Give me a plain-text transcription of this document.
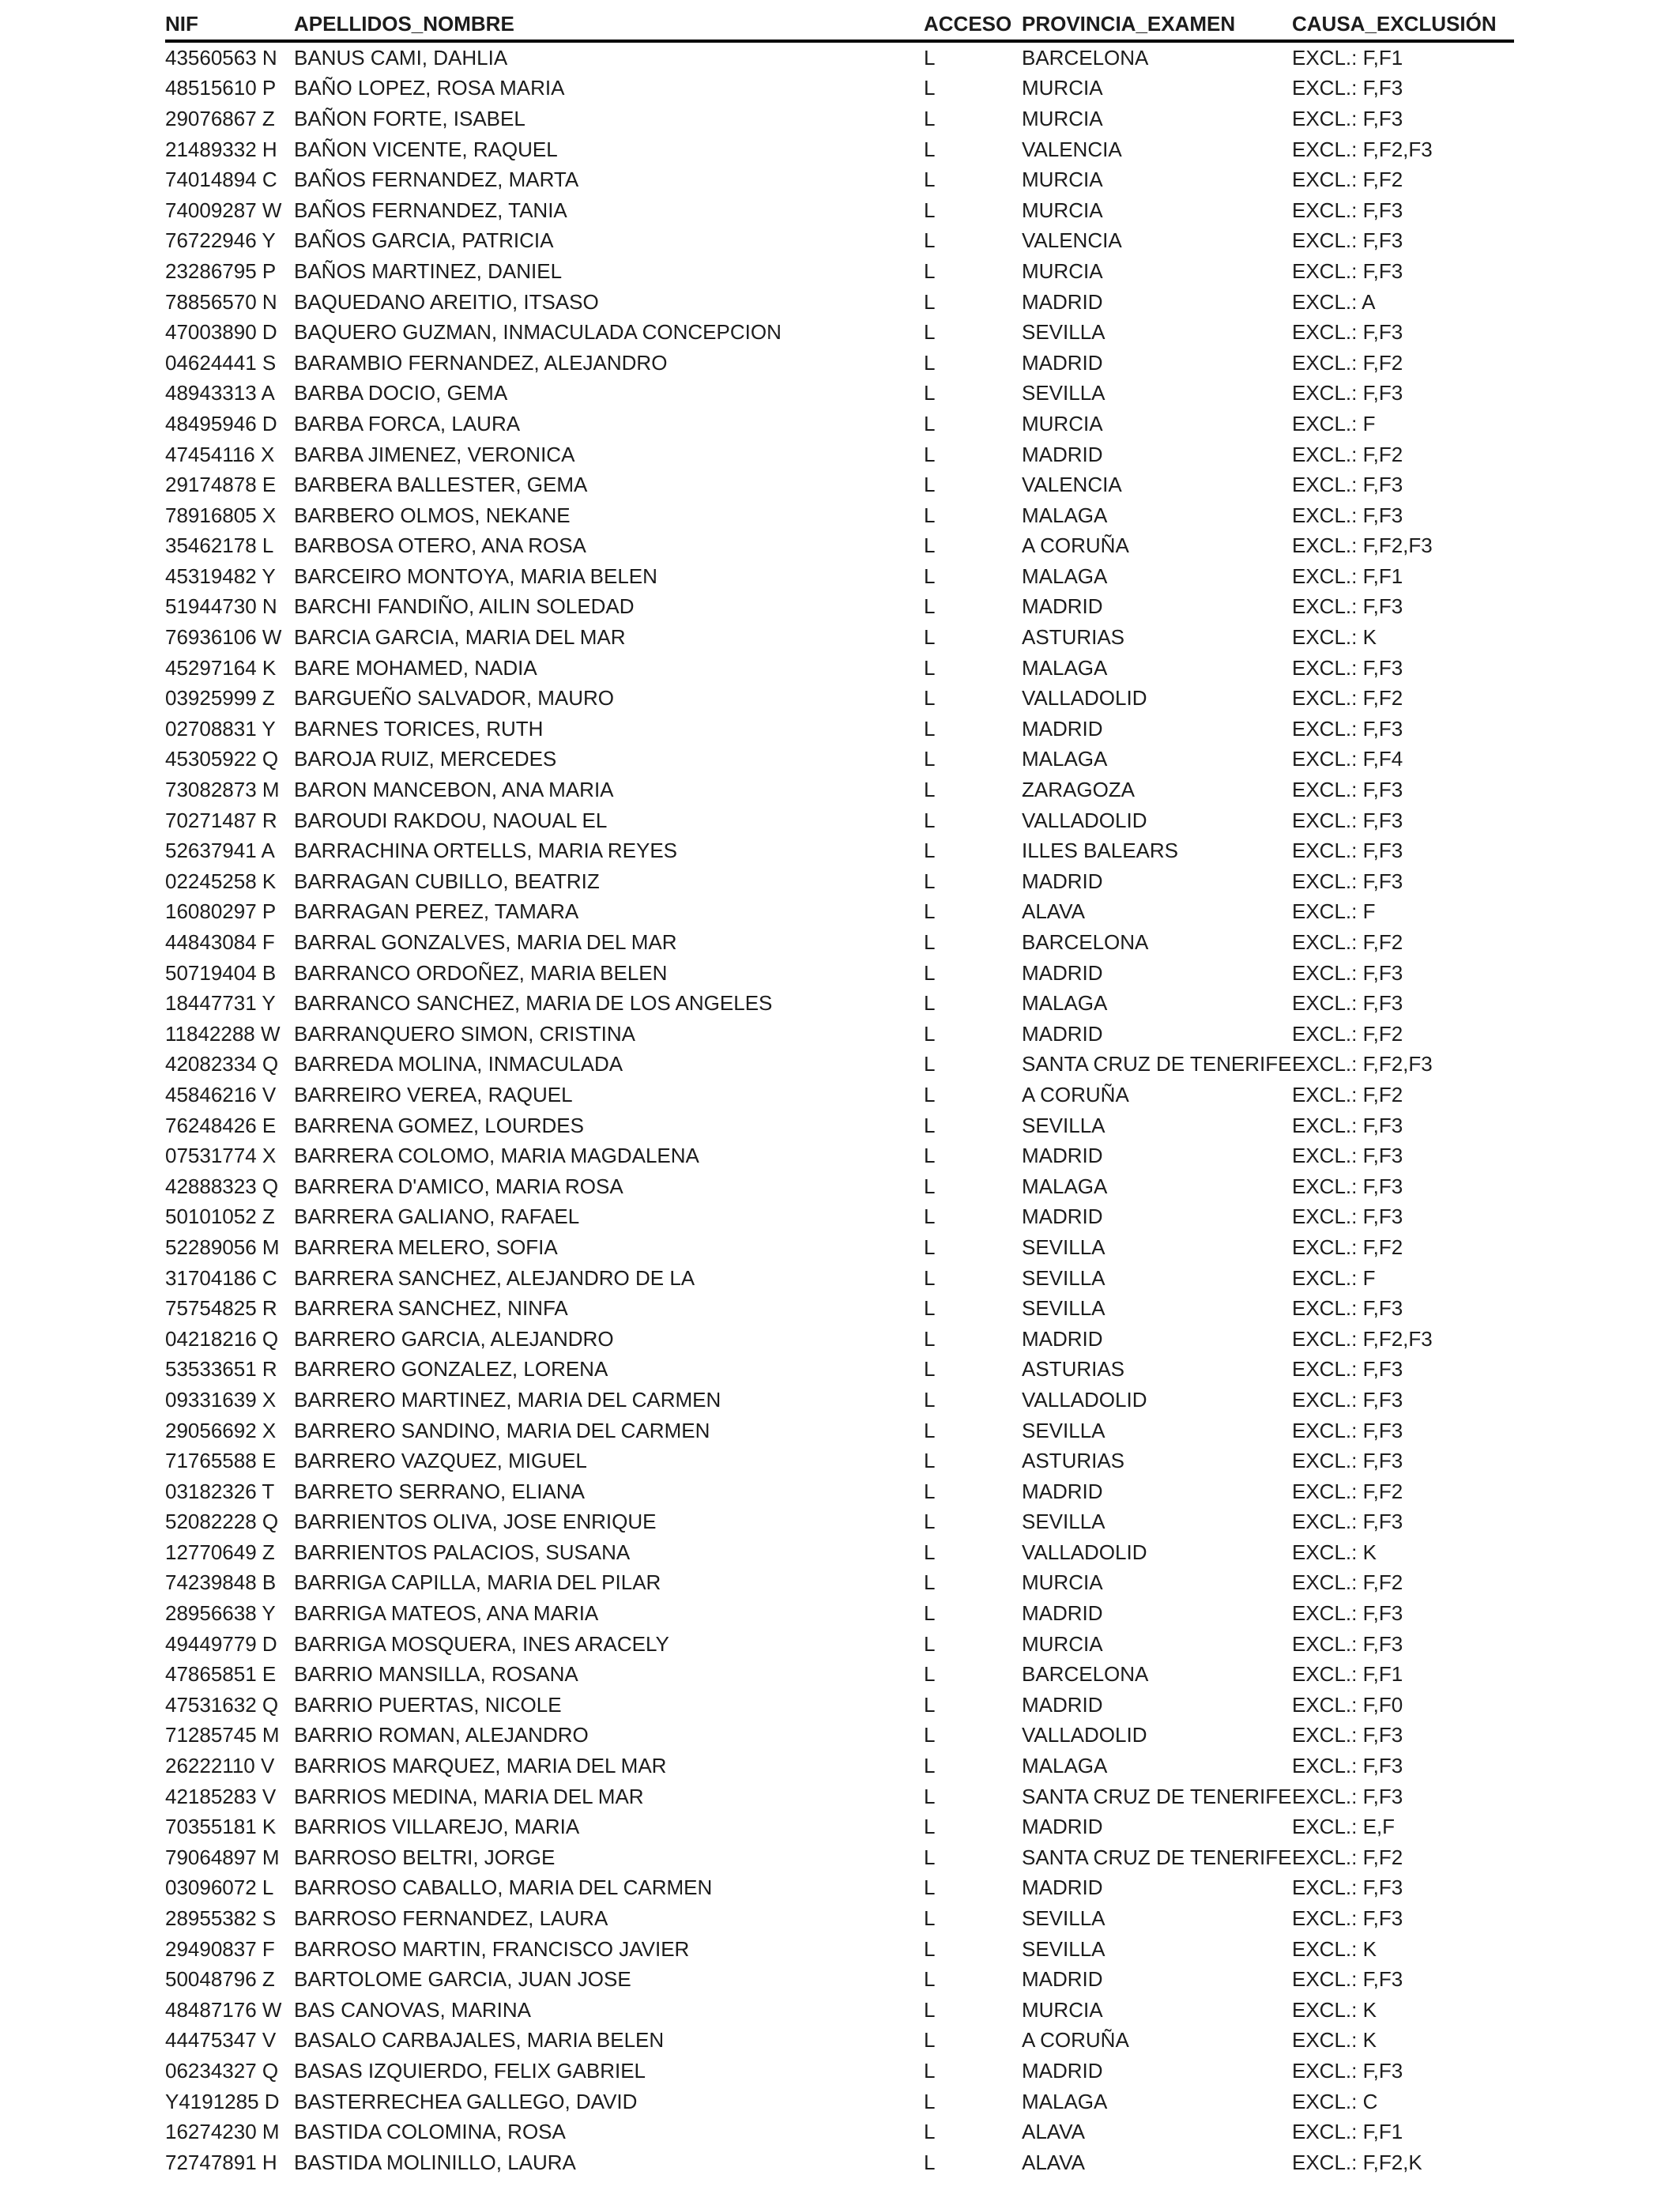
NIF	APELLIDOS_NOMBRE	ACCESO PROVINCIA_EXAMEN	CAUSA_EXCLUSIÓN
43560563 N BANUS CAMI, DAHLIA	L	BARCELONA	EXCL.: F,F1
48515610 P BAÑO LOPEZ, ROSA MARIA	L	MURCIA	EXCL.: F,F3
29076867 Z BAÑON FORTE, ISABEL	L	MURCIA	EXCL.: F,F3
21489332 H BAÑON VICENTE, RAQUEL	L	VALENCIA	EXCL.: F,F2,F3
74014894 C BAÑOS FERNANDEZ, MARTA	L	MURCIA	EXCL.: F,F2
74009287 W BAÑOS FERNANDEZ, TANIA	L	MURCIA	EXCL.: F,F3
76722946 Y BAÑOS GARCIA, PATRICIA	L	VALENCIA	EXCL.: F,F3
23286795 P BAÑOS MARTINEZ, DANIEL	L	MURCIA	EXCL.: F,F3
78856570 N BAQUEDANO AREITIO, ITSASO	L	MADRID	EXCL.: A
47003890 D BAQUERO GUZMAN, INMACULADA CONCEPCION	L	SEVILLA	EXCL.: F,F3
04624441 S BARAMBIO FERNANDEZ, ALEJANDRO	L	MADRID	EXCL.: F,F2
48943313 A BARBA DOCIO, GEMA	L	SEVILLA	EXCL.: F,F3
48495946 D BARBA FORCA, LAURA	L	MURCIA	EXCL.: F
47454116 X BARBA JIMENEZ, VERONICA	L	MADRID	EXCL.: F,F2
29174878 E BARBERA BALLESTER, GEMA	L	VALENCIA	EXCL.: F,F3
78916805 X BARBERO OLMOS, NEKANE	L	MALAGA	EXCL.: F,F3
35462178 L BARBOSA OTERO, ANA ROSA	L	A CORUÑA	EXCL.: F,F2,F3
45319482 Y BARCEIRO MONTOYA, MARIA BELEN	L	MALAGA	EXCL.: F,F1
51944730 N BARCHI FANDIÑO, AILIN SOLEDAD	L	MADRID	EXCL.: F,F3
76936106 W BARCIA GARCIA, MARIA DEL MAR	L	ASTURIAS	EXCL.: K
45297164 K BARE MOHAMED, NADIA	L	MALAGA	EXCL.: F,F3
03925999 Z BARGUEÑO SALVADOR, MAURO	L	VALLADOLID	EXCL.: F,F2
02708831 Y BARNES TORICES, RUTH	L	MADRID	EXCL.: F,F3
45305922 Q BAROJA RUIZ, MERCEDES	L	MALAGA	EXCL.: F,F4
73082873 M BARON MANCEBON, ANA MARIA	L	ZARAGOZA	EXCL.: F,F3
70271487 R BAROUDI RAKDOU, NAOUAL EL	L	VALLADOLID	EXCL.: F,F3
52637941 A BARRACHINA ORTELLS, MARIA REYES	L	ILLES BALEARS	EXCL.: F,F3
02245258 K BARRAGAN CUBILLO, BEATRIZ	L	MADRID	EXCL.: F,F3
16080297 P BARRAGAN PEREZ, TAMARA	L	ALAVA	EXCL.: F
44843084 F BARRAL GONZALVES, MARIA DEL MAR	L	BARCELONA	EXCL.: F,F2
50719404 B BARRANCO ORDOÑEZ, MARIA BELEN	L	MADRID	EXCL.: F,F3
18447731 Y BARRANCO SANCHEZ, MARIA DE LOS ANGELES	L	MALAGA	EXCL.: F,F3
11842288 W BARRANQUERO SIMON, CRISTINA	L	MADRID	EXCL.: F,F2
42082334 Q BARREDA MOLINA, INMACULADA	L	SANTA CRUZ DE TENERIFE EXCL.: F,F2,F3
45846216 V BARREIRO VEREA, RAQUEL	L	A CORUÑA	EXCL.: F,F2
76248426 E BARRENA GOMEZ, LOURDES	L	SEVILLA	EXCL.: F,F3
07531774 X BARRERA COLOMO, MARIA MAGDALENA	L	MADRID	EXCL.: F,F3
42888323 Q BARRERA D'AMICO, MARIA ROSA	L	MALAGA	EXCL.: F,F3
50101052 Z BARRERA GALIANO, RAFAEL	L	MADRID	EXCL.: F,F3
52289056 M BARRERA MELERO, SOFIA	L	SEVILLA	EXCL.: F,F2
31704186 C BARRERA SANCHEZ, ALEJANDRO DE LA	L	SEVILLA	EXCL.: F
75754825 R BARRERA SANCHEZ, NINFA	L	SEVILLA	EXCL.: F,F3
04218216 Q BARRERO GARCIA, ALEJANDRO	L	MADRID	EXCL.: F,F2,F3
53533651 R BARRERO GONZALEZ, LORENA	L	ASTURIAS	EXCL.: F,F3
09331639 X BARRERO MARTINEZ, MARIA DEL CARMEN	L	VALLADOLID	EXCL.: F,F3
29056692 X BARRERO SANDINO, MARIA DEL CARMEN	L	SEVILLA	EXCL.: F,F3
71765588 E BARRERO VAZQUEZ, MIGUEL	L	ASTURIAS	EXCL.: F,F3
03182326 T BARRETO SERRANO, ELIANA	L	MADRID	EXCL.: F,F2
52082228 Q BARRIENTOS OLIVA, JOSE ENRIQUE	L	SEVILLA	EXCL.: F,F3
12770649 Z BARRIENTOS PALACIOS, SUSANA	L	VALLADOLID	EXCL.: K
74239848 B BARRIGA CAPILLA, MARIA DEL PILAR	L	MURCIA	EXCL.: F,F2
28956638 Y BARRIGA MATEOS, ANA MARIA	L	MADRID	EXCL.: F,F3
49449779 D BARRIGA MOSQUERA, INES ARACELY	L	MURCIA	EXCL.: F,F3
47865851 E BARRIO MANSILLA, ROSANA	L	BARCELONA	EXCL.: F,F1
47531632 Q BARRIO PUERTAS, NICOLE	L	MADRID	EXCL.: F,F0
71285745 M BARRIO ROMAN, ALEJANDRO	L	VALLADOLID	EXCL.: F,F3
26222110 V BARRIOS MARQUEZ, MARIA DEL MAR	L	MALAGA	EXCL.: F,F3
42185283 V BARRIOS MEDINA, MARIA DEL MAR	L	SANTA CRUZ DE TENERIFE EXCL.: F,F3
70355181 K BARRIOS VILLAREJO, MARIA	L	MADRID	EXCL.: E,F
79064897 M BARROSO BELTRI, JORGE	L	SANTA CRUZ DE TENERIFE EXCL.: F,F2
03096072 L BARROSO CABALLO, MARIA DEL CARMEN	L	MADRID	EXCL.: F,F3
28955382 S BARROSO FERNANDEZ, LAURA	L	SEVILLA	EXCL.: F,F3
29490837 F BARROSO MARTIN, FRANCISCO JAVIER	L	SEVILLA	EXCL.: K
50048796 Z BARTOLOME GARCIA, JUAN JOSE	L	MADRID	EXCL.: F,F3
48487176 W BAS CANOVAS, MARINA	L	MURCIA	EXCL.: K
44475347 V BASALO CARBAJALES, MARIA BELEN	L	A CORUÑA	EXCL.: K
06234327 Q BASAS IZQUIERDO, FELIX GABRIEL	L	MADRID	EXCL.: F,F3
Y4191285 D BASTERRECHEA GALLEGO, DAVID	L	MALAGA	EXCL.: C
16274230 M BASTIDA COLOMINA, ROSA	L	ALAVA	EXCL.: F,F1
72747891 H BASTIDA MOLINILLO, LAURA	L	ALAVA	EXCL.: F,F2,K
